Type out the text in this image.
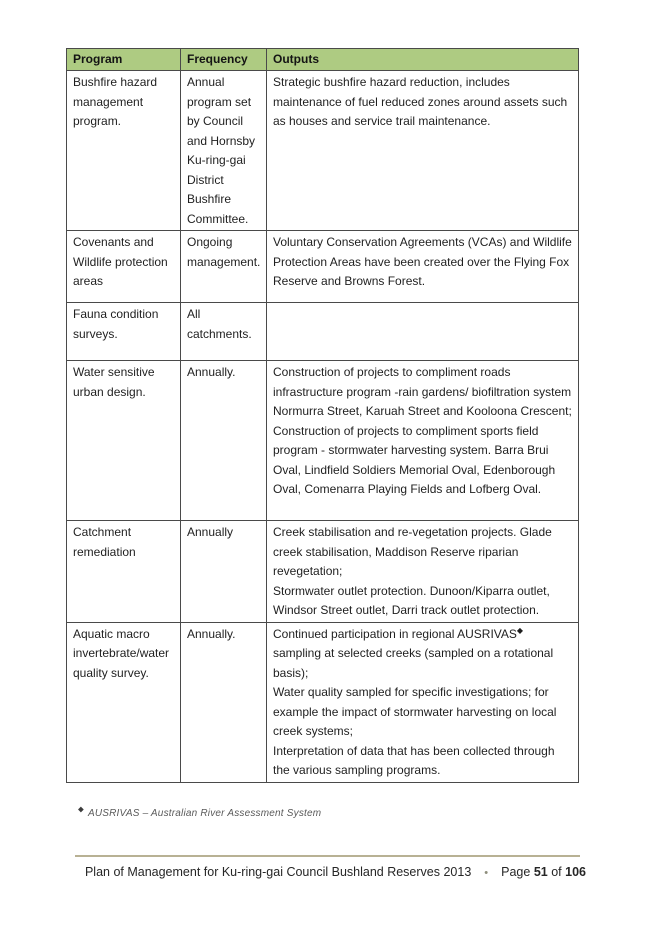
Program	Frequency	Outputs
Bushfire hazard management program.	Annual program set by Council and Hornsby Ku-ring-gai District Bushfire Committee.	Strategic bushfire hazard reduction, includes maintenance of fuel reduced zones around assets such as houses and service trail maintenance.

Covenants and Wildlife protection areas	Ongoing management.	Voluntary Conservation Agreements (VCAs) and Wildlife Protection Areas have been created over the Flying Fox Reserve and Browns Forest.

Fauna condition surveys.	All catchments.	
Water sensitive urban design.	Annually.	Construction of projects to compliment roads infrastructure program -rain gardens/ biofiltration system Normurra Street, Karuah Street and Kooloona Crescent;
Construction of projects to compliment sports field program - stormwater harvesting system. Barra Brui Oval, Lindfield Soldiers Memorial Oval, Edenborough Oval, Comenarra Playing Fields and Lofberg Oval.

Catchment remediation	Annually	Creek stabilisation and re-vegetation projects. Glade creek stabilisation, Maddison Reserve riparian revegetation;
Stormwater outlet protection. Dunoon/Kiparra outlet, Windsor Street outlet, Darri track outlet protection.

Aquatic macro invertebrate/water quality survey.	Annually.	Continued participation in regional AUSRIVAS◆ sampling at selected creeks (sampled on a rotational basis);
Water quality sampled for specific investigations; for example the impact of stormwater harvesting on local creek systems;
Interpretation of data that has been collected through the various sampling programs.
◆ AUSRIVAS – Australian River Assessment System
Plan of Management for Ku-ring-gai Council Bushland Reserves 2013 • Page 51 of 106
